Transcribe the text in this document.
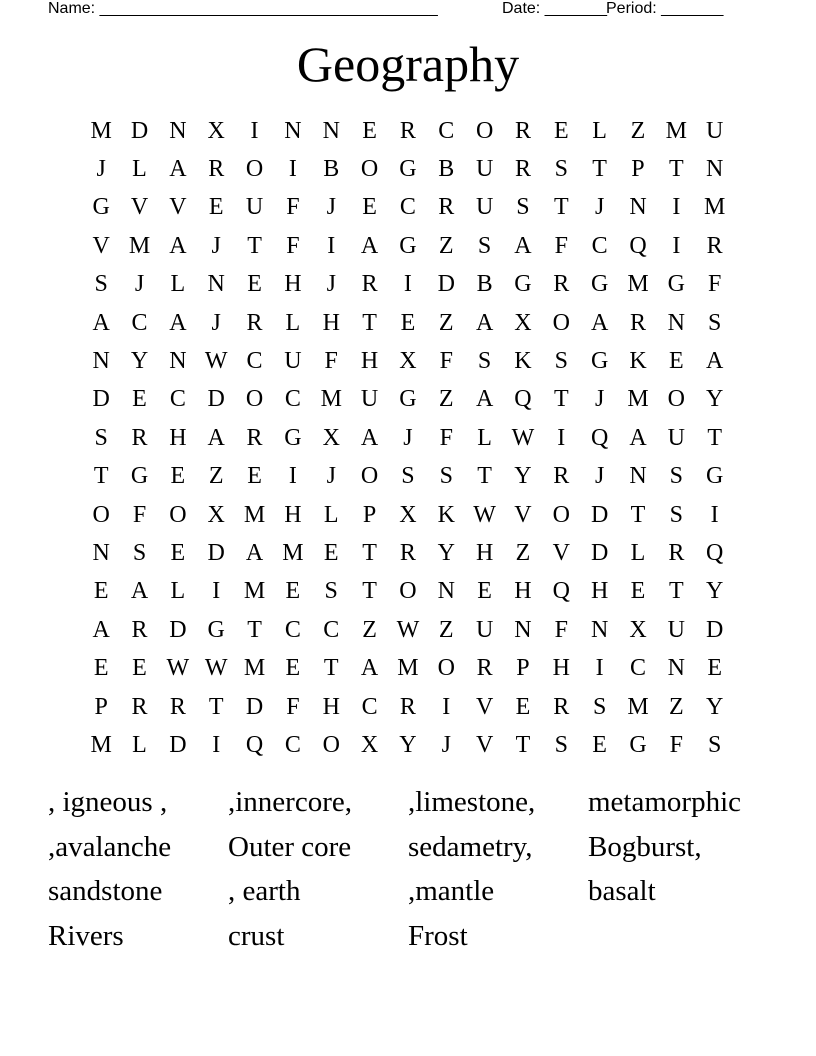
Name: ______________________________________	Date: _______ Period: _______
Geography
M D N X	I	N N E R C O R E L Z M U
J	L A R O	I	B O G B U R S	T	P	T N
G V V E U F	J	E C R U S	T	J	N	I M
V M A	J	T	F	I	A G Z	S A F C Q	I	R
S	J	L N E H	J	R	I	D B G R G M G F
A C A	J	R L H T E Z A X O A R N S
N Y N W C U F H X F	S K S G K E A
D E C D O C M U G Z A Q T	J M O Y
S R H A R G X A	J	F	L W I	Q A U T
T G E Z E	I	J	O S	S	T Y R	J	N S G
O F O X M H L	P X K W V O D T	S	I
N S	E D A M E T R Y H Z V D L R Q
E A L	I M E	S	T O N E H Q H E T Y
A R D G T C C Z W Z U N F N X U D
E E W W M E T A M O R P H	I	C N E
P R R T D F H C R	I	V E R S M Z Y
M L D	I	Q C O X Y	J	V T	S	E G F	S
, igneous ,	,innercore,	,limestone,	metamorphic
,avalanche	Outer core	sedametry,	Bogburst,
sandstone	, earth	,mantle	basalt
Rivers	crust	Frost
